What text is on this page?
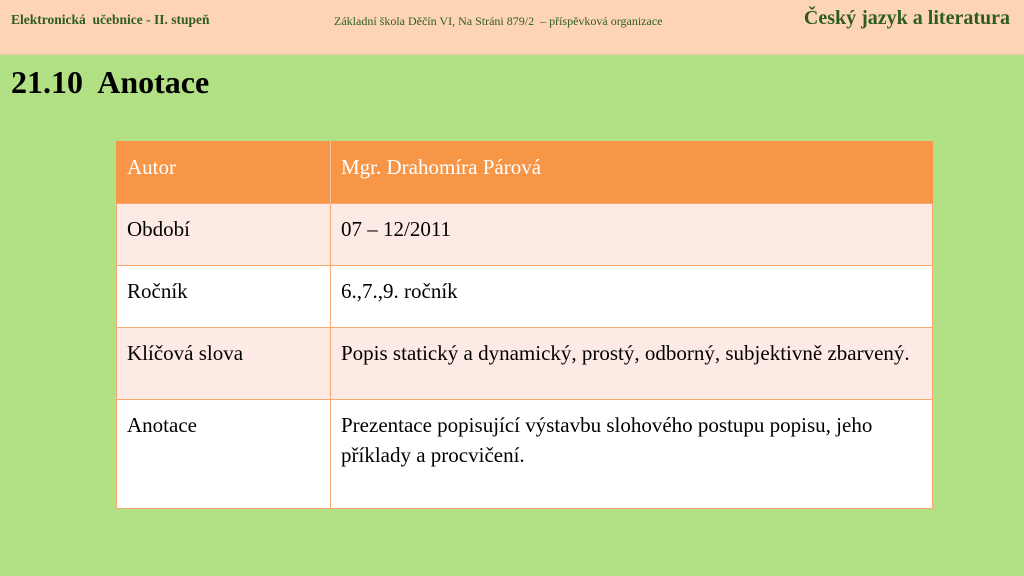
Elektronická  učebnice - II. stupeň	Základní škola Děčín VI, Na Stráni 879/2  – příspěvková organizace	Český jazyk a literatura
21.10  Anotace
Autor	Mgr. Drahomíra Párová
Období	07 – 12/2011
Ročník	6.,7.,9. ročník
Klíčová slova	Popis statický a dynamický, prostý, odborný, subjektivně zbarvený.
Anotace	Prezentace popisující výstavbu slohového postupu popisu, jeho příklady a procvičení.
